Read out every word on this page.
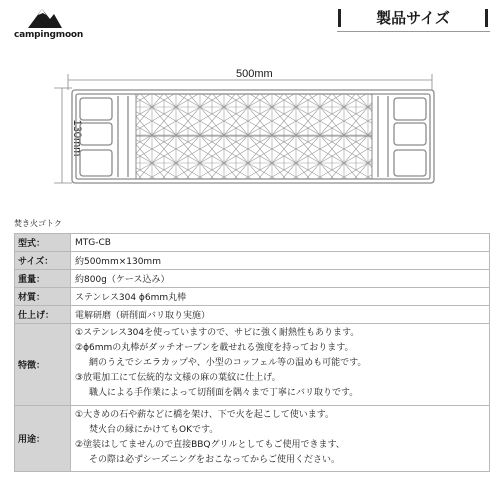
campingmoon
製品サイズ
500mm
130mm
焚き火ゴトク
型式：	MTG-CB
サイズ：	約500mm×130mm
重量：	約800g（ケース込み）
材質：	ステンレス304 ϕ6mm丸棒
仕上げ：	電解研磨（研削面バリ取り実施）
特徴：	①ステンレス304を使っていますので、サビに強く耐熱性もあります。
②ϕ6mmの丸棒がダッチオーブンを載せれる強度を持っております。
網のうえでシエラカップや、小型のコッフェル等の温めも可能です。
③放電加工にて伝統的な文様の麻の葉紋に仕上げ。
職人による手作業によって切削面を隅々まで丁寧にバリ取りです。

用途：	①大きめの石や薪などに橋を架け、下で火を起こして使います。
焚火台の縁にかけてもOKです。
②塗装はしてませんので直接BBQグリルとしてもご使用できます、
その際は必ずシーズニングをおこなってからご使用ください。
